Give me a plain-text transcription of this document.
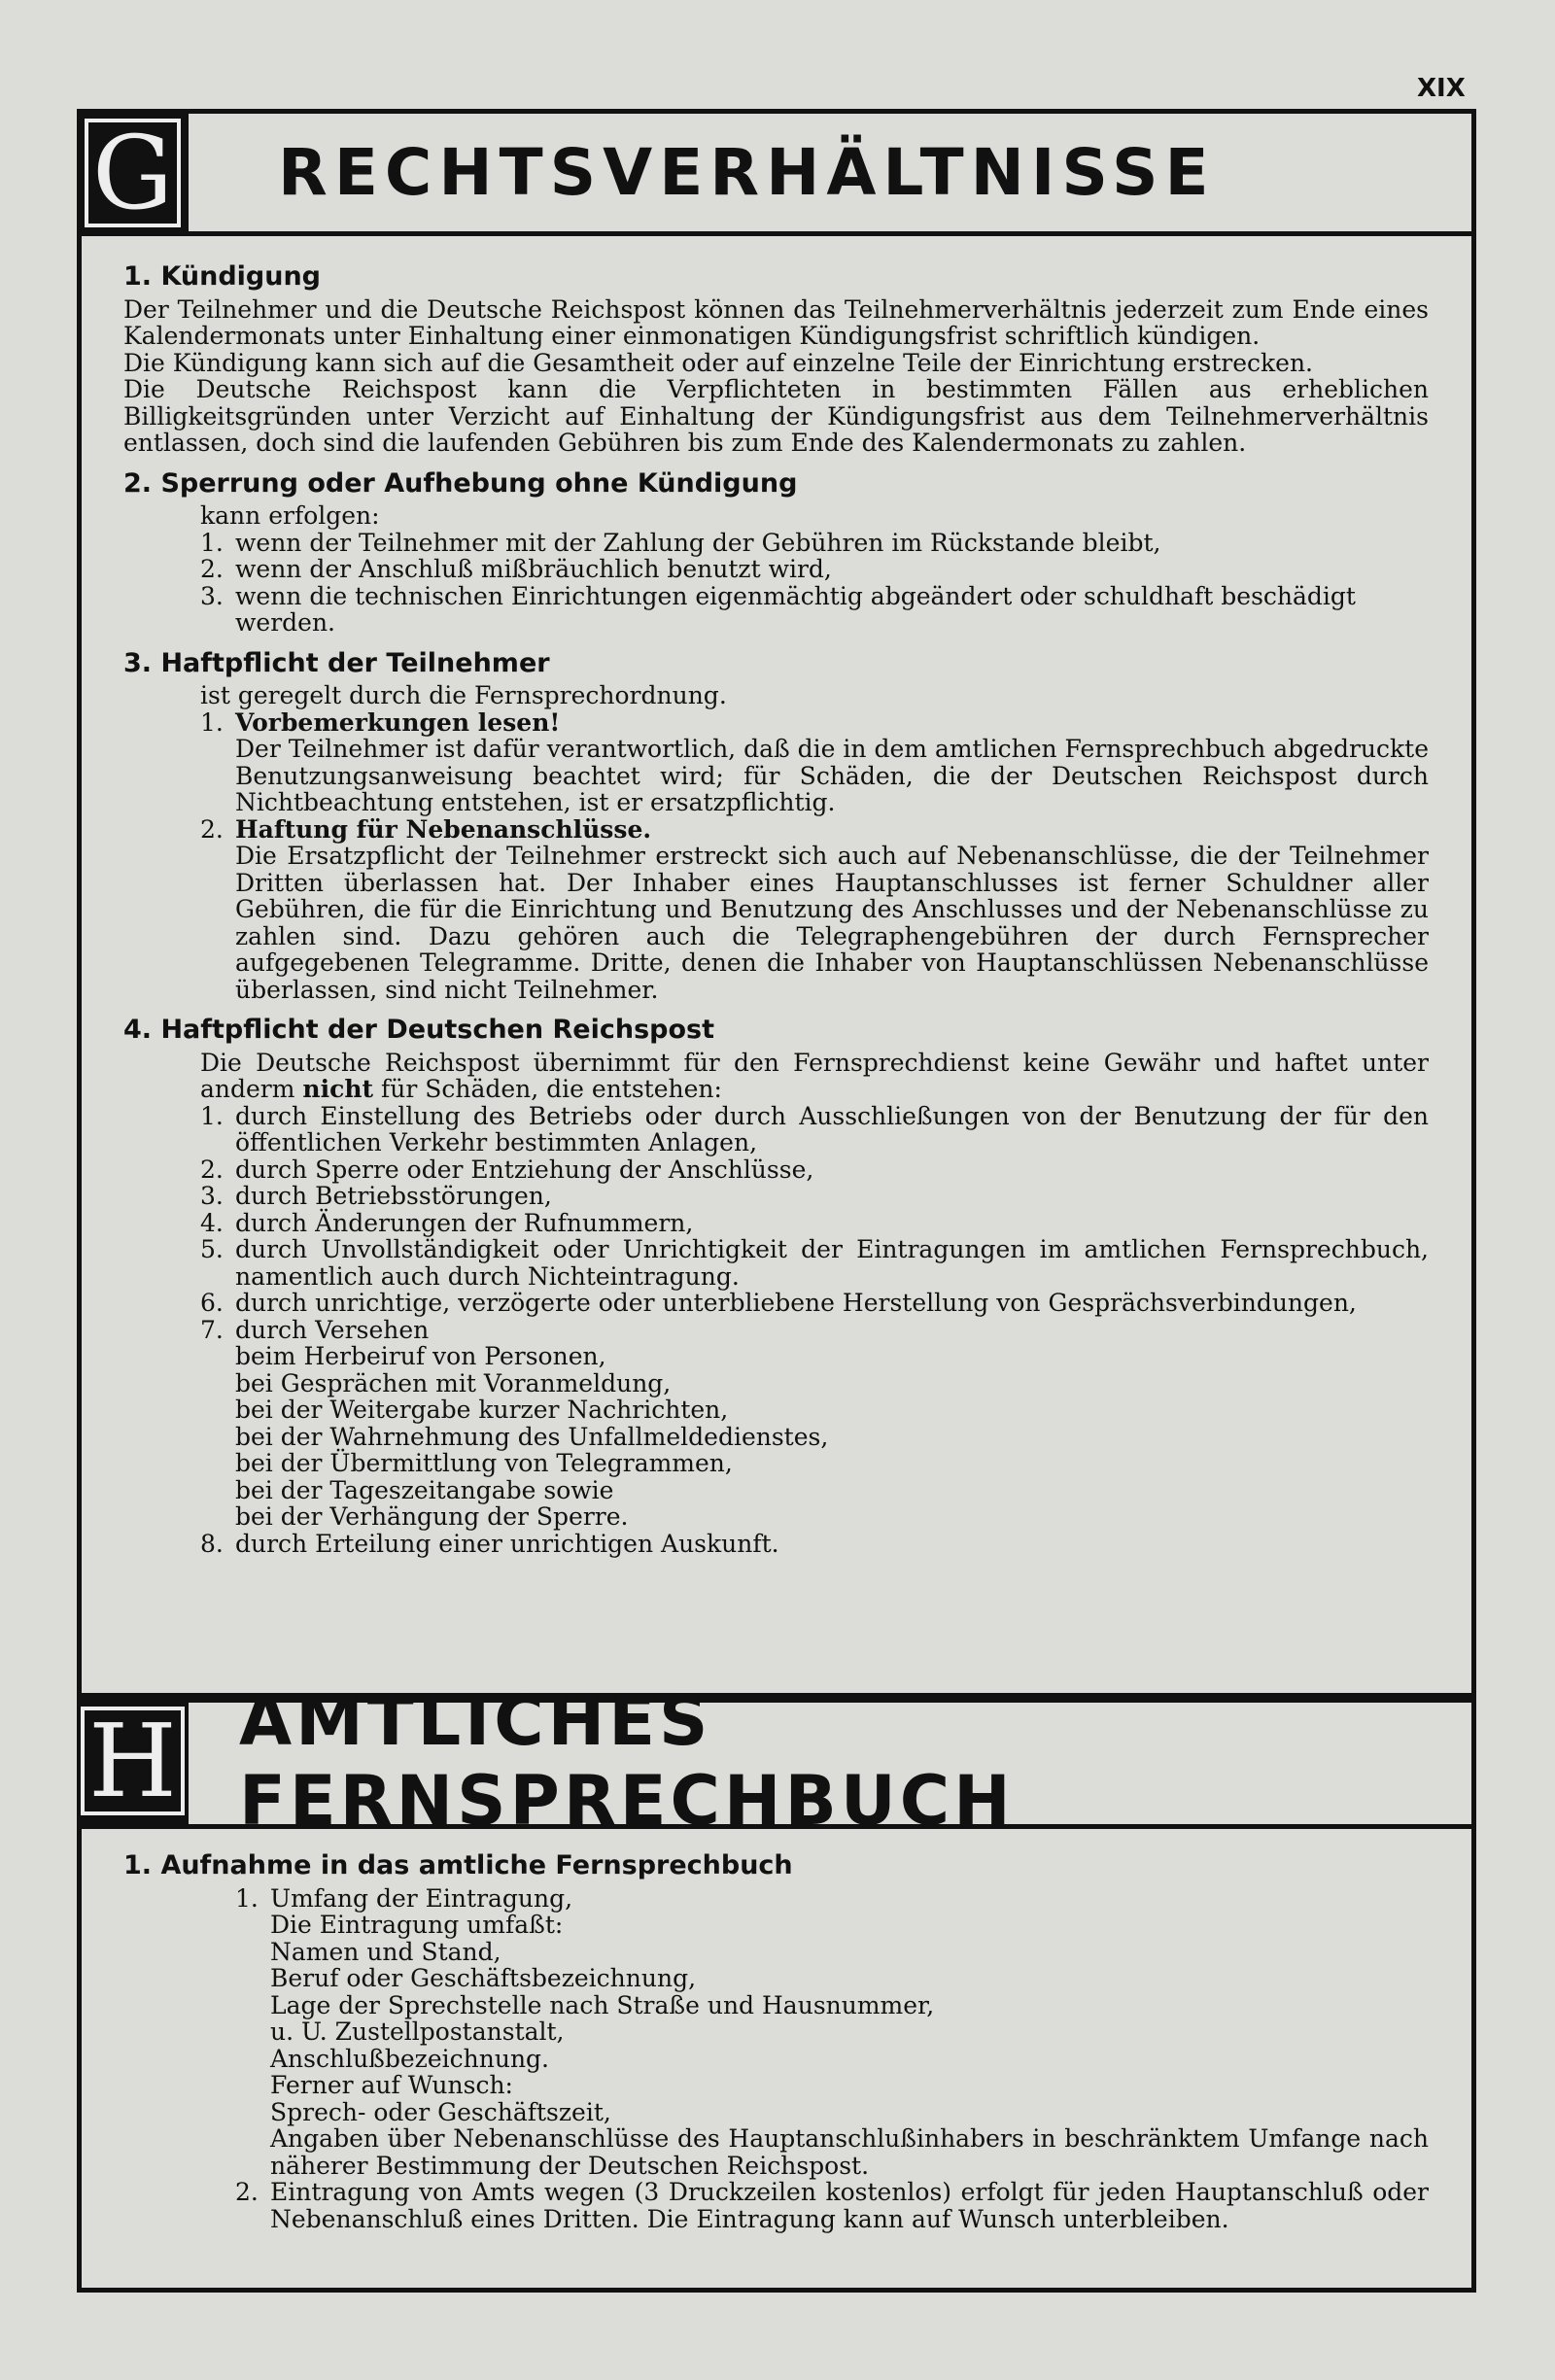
XIX
G RECHTSVERHÄLTNISSE
1. Kündigung
Der Teilnehmer und die Deutsche Reichspost können das Teilnehmerverhältnis jederzeit zum Ende eines Kalendermonats unter Einhaltung einer einmonatigen Kündigungsfrist schriftlich kündigen.
Die Kündigung kann sich auf die Gesamtheit oder auf einzelne Teile der Einrichtung erstrecken.
Die Deutsche Reichspost kann die Verpflichteten in bestimmten Fällen aus erheblichen Billigkeitsgründen unter Verzicht auf Einhaltung der Kündigungsfrist aus dem Teilnehmerverhältnis entlassen, doch sind die laufenden Gebühren bis zum Ende des Kalendermonats zu zahlen.
2. Sperrung oder Aufhebung ohne Kündigung
kann erfolgen:
1. wenn der Teilnehmer mit der Zahlung der Gebühren im Rückstande bleibt,
2. wenn der Anschluß mißbräuchlich benutzt wird,
3. wenn die technischen Einrichtungen eigenmächtig abgeändert oder schuldhaft beschädigt werden.
3. Haftpflicht der Teilnehmer
ist geregelt durch die Fernsprechordnung.
1. Vorbemerkungen lesen!
Der Teilnehmer ist dafür verantwortlich, daß die in dem amtlichen Fernsprechbuch abgedruckte Benutzungsanweisung beachtet wird; für Schäden, die der Deutschen Reichspost durch Nichtbeachtung entstehen, ist er ersatzpflichtig.
2. Haftung für Nebenanschlüsse.
Die Ersatzpflicht der Teilnehmer erstreckt sich auch auf Nebenanschlüsse, die der Teilnehmer Dritten überlassen hat. Der Inhaber eines Hauptanschlusses ist ferner Schuldner aller Gebühren, die für die Einrichtung und Benutzung des Anschlusses und der Nebenanschlüsse zu zahlen sind. Dazu gehören auch die Telegraphengebühren der durch Fernsprecher aufgegebenen Telegramme. Dritte, denen die Inhaber von Hauptanschlüssen Nebenanschlüsse überlassen, sind nicht Teilnehmer.
4. Haftpflicht der Deutschen Reichspost
Die Deutsche Reichspost übernimmt für den Fernsprechdienst keine Gewähr und haftet unter anderm nicht für Schäden, die entstehen:
1. durch Einstellung des Betriebs oder durch Ausschließungen von der Benutzung der für den öffentlichen Verkehr bestimmten Anlagen,
2. durch Sperre oder Entziehung der Anschlüsse,
3. durch Betriebsstörungen,
4. durch Änderungen der Rufnummern,
5. durch Unvollständigkeit oder Unrichtigkeit der Eintragungen im amtlichen Fernsprechbuch, namentlich auch durch Nichteintragung.
6. durch unrichtige, verzögerte oder unterbliebene Herstellung von Gesprächsverbindungen,
7. durch Versehen
beim Herbeiruf von Personen,
bei Gesprächen mit Voranmeldung,
bei der Weitergabe kurzer Nachrichten,
bei der Wahrnehmung des Unfallmeldedienstes,
bei der Übermittlung von Telegrammen,
bei der Tageszeitangabe sowie
bei der Verhängung der Sperre.
8. durch Erteilung einer unrichtigen Auskunft.
H AMTLICHES FERNSPRECHBUCH
1. Aufnahme in das amtliche Fernsprechbuch
1. Umfang der Eintragung,
Die Eintragung umfaßt:
Namen und Stand,
Beruf oder Geschäftsbezeichnung,
Lage der Sprechstelle nach Straße und Hausnummer,
u. U. Zustellpostanstalt,
Anschlußbezeichnung.
Ferner auf Wunsch:
Sprech- oder Geschäftszeit,
Angaben über Nebenanschlüsse des Hauptanschlußinhabers in beschränktem Umfange nach näherer Bestimmung der Deutschen Reichspost.
2. Eintragung von Amts wegen (3 Druckzeilen kostenlos) erfolgt für jeden Hauptanschluß oder Nebenanschluß eines Dritten. Die Eintragung kann auf Wunsch unterbleiben.
